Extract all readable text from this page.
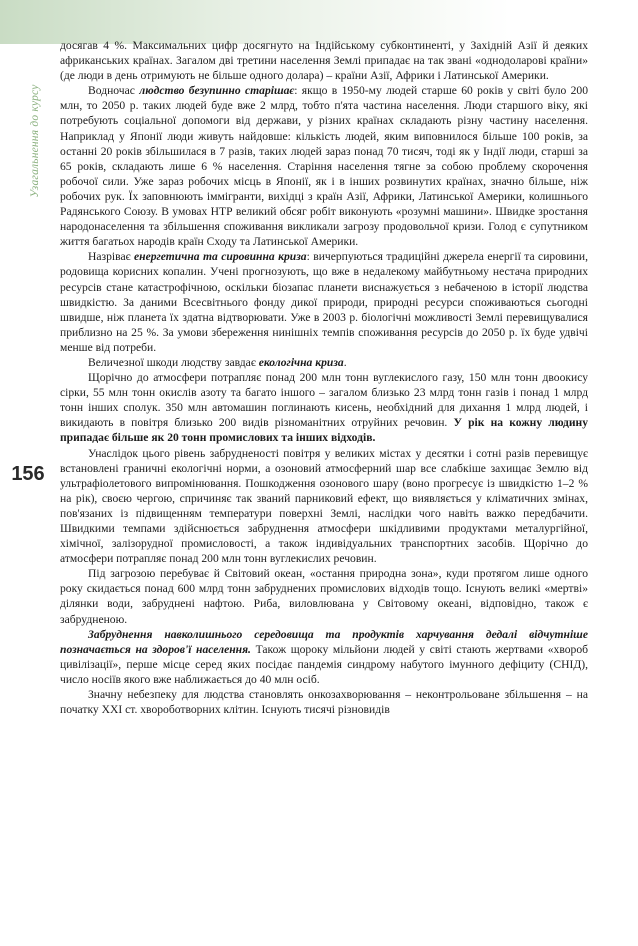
Узагальнення до курсу
156

досягав 4 %. Максимальних цифр досягнуто на Індійському субконтиненті, у Західній Азії й деяких африканських країнах. Загалом дві третини населення Землі припадає на так звані «однодоларові країни» (де люди в день отримують не більше одного долара) – країни Азії, Африки і Латинської Америки.

Водночас людство безупинно старішає: якщо в 1950-му людей старше 60 років у світі було 200 млн, то 2050 р. таких людей буде вже 2 млрд, тобто п'ята частина населення. Люди старшого віку, які потребують соціальної допомоги від держави, у різних країнах складають різну частину населення. Наприклад у Японії люди живуть найдовше: кількість людей, яким виповнилося більше 100 років, за останні 20 років збільшилася в 7 разів, таких людей зараз понад 70 тисяч, тоді як у Індії люди, старші за 65 років, складають лише 6 % населення. Старіння населення тягне за собою проблему скорочення робочої сили. Уже зараз робочих місць в Японії, як і в інших розвинутих країнах, значно більше, ніж робочих рук. Їх заповнюють іммігранти, вихідці з країн Азії, Африки, Латинської Америки, колишнього Радянського Союзу. В умовах НТР великий обсяг робіт виконують «розумні машини». Швидке зростання народонаселення та збільшення споживання викликали загрозу продовольчої кризи. Голод є супутником життя багатьох народів країн Сходу та Латинської Америки.

Назріває енергетична та сировинна криза: вичерпуються традиційні джерела енергії та сировини, родовища корисних копалин. Учені прогнозують, що вже в недалекому майбутньому нестача природних ресурсів стане катастрофічною, оскільки біозапас планети виснажується з небаченою в історії людства швидкістю. За даними Всесвітнього фонду дикої природи, природні ресурси споживаються сьогодні швидше, ніж планета їх здатна відтворювати. Уже в 2003 р. біологічні можливості Землі перевищувалися приблизно на 25 %. За умови збереження нинішніх темпів споживання ресурсів до 2050 р. їх буде удвічі менше від потреби.

Величезної шкоди людству завдає екологічна криза.

Щорічно до атмосфери потрапляє понад 200 млн тонн вуглекислого газу, 150 млн тонн двоокису сірки, 55 млн тонн окислів азоту та багато іншого – загалом близько 23 млрд тонн газів і понад 1 млрд тонн інших сполук. 350 млн автомашин поглинають кисень, необхідний для дихання 1 млрд людей, і викидають в повітря близько 200 видів різноманітних отруйних речовин. У рік на кожну людину припадає більше як 20 тонн промислових та інших відходів.

Унаслідок цього рівень забрудненості повітря у великих містах у десятки і сотні разів перевищує встановлені граничні екологічні норми, а озоновий атмосферний шар все слабкіше захищає Землю від ультрафіолетового випромінювання. Пошкодження озонового шару (воно прогресує із швидкістю 1–2 % на рік), своєю чергою, спричиняє так званий парниковий ефект, що виявляється у кліматичних змінах, пов'язаних із підвищенням температури поверхні Землі, наслідки чого навіть важко передбачити. Швидкими темпами здійснюється забруднення атмосфери шкідливими продуктами металургійної, хімічної, залізорудної промисловості, а також індивідуальних транспортних засобів. Щорічно до атмосфери потрапляє понад 200 млн тонн вуглекислих речовин.

Під загрозою перебуває й Світовий океан, «остання природна зона», куди протягом лише одного року скидається понад 600 млрд тонн забруднених промислових відходів тощо. Існують великі «мертві» ділянки води, забруднені нафтою. Риба, виловлювана у Світовому океані, відповідно, також є забрудненою.

Забруднення навколишнього середовища та продуктів харчування дедалі відчутніше позначається на здоров'ї населення. Також щороку мільйони людей у світі стають жертвами «хвороб цивілізації», перше місце серед яких посідає пандемія синдрому набутого імунного дефіциту (СНІД), число носіїв якого вже наближається до 40 млн осіб.

Значну небезпеку для людства становлять онкозахворювання – неконтрольоване збільшення – на початку XXI ст. хвороботворних клітин. Існують тисячі різновидів
